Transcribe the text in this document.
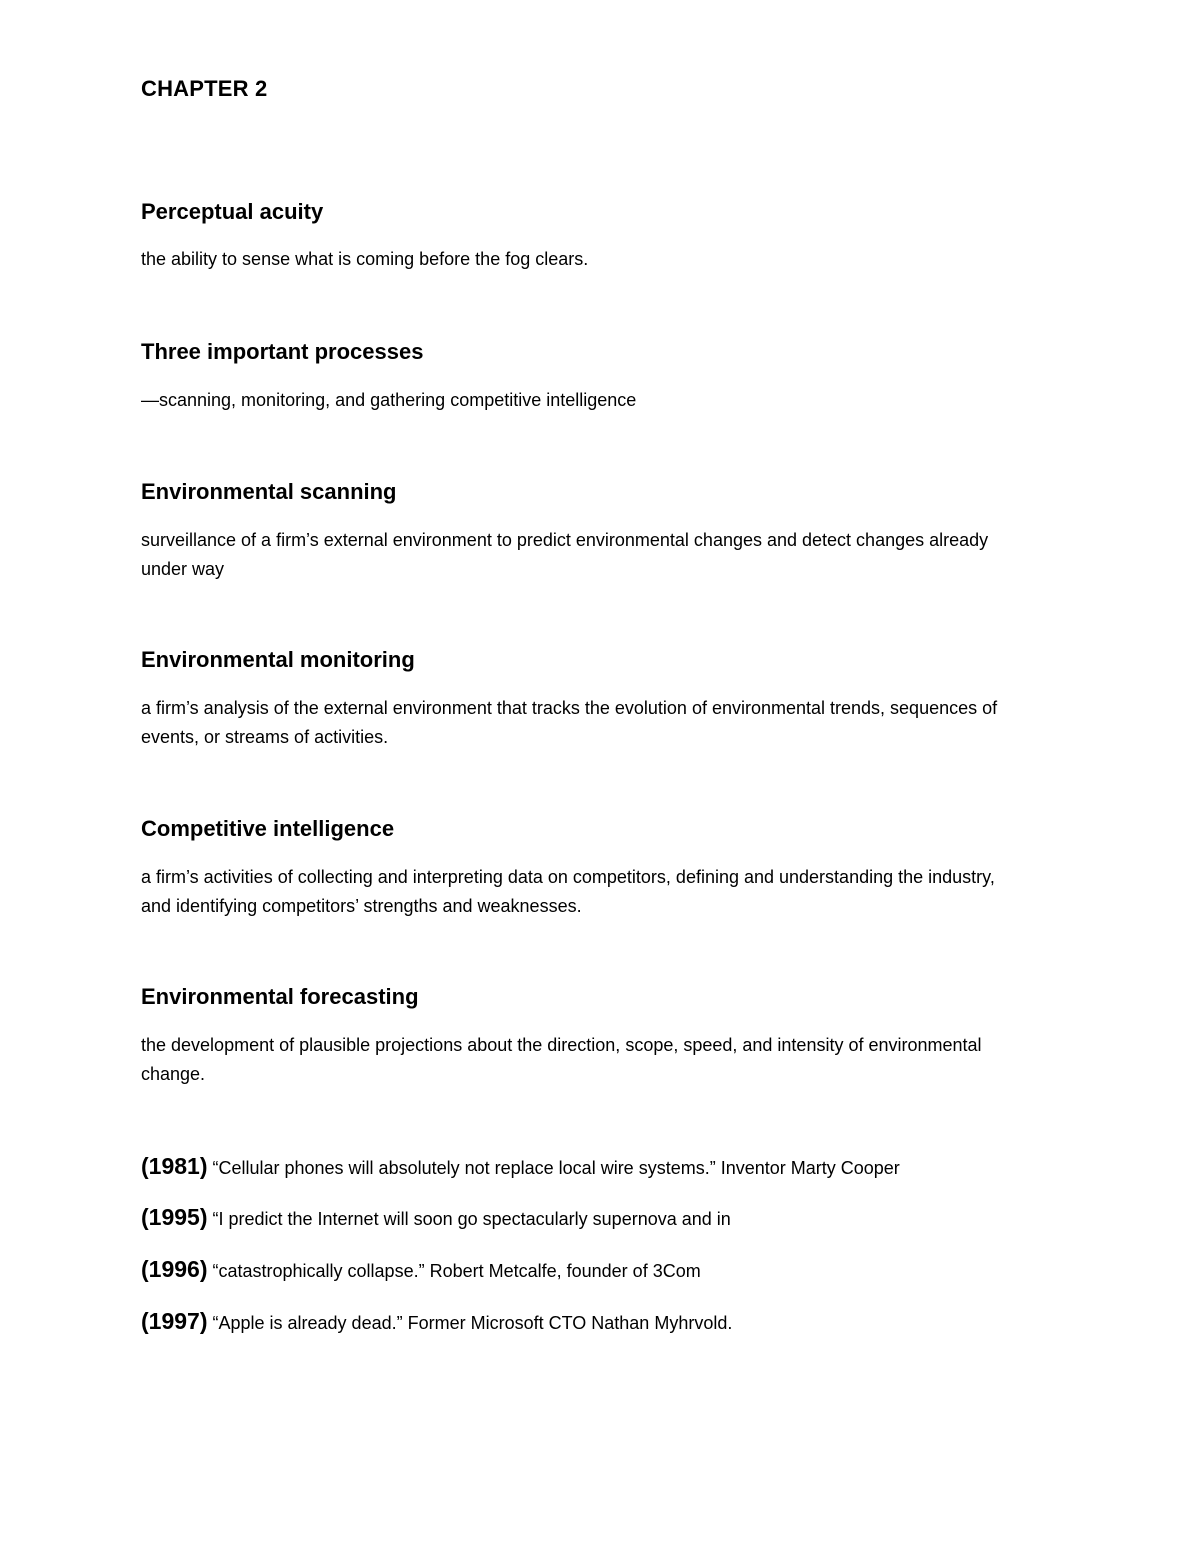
CHAPTER 2
Perceptual acuity

the ability to sense what is coming before the fog clears.

Three important processes

—scanning, monitoring, and gathering competitive intelligence

Environmental scanning

surveillance of a firm’s external environment to predict environmental changes and detect changes already under way

Environmental monitoring

a firm’s analysis of the external environment that tracks the evolution of environmental trends, sequences of events, or streams of activities.

Competitive intelligence

a firm’s activities of collecting and interpreting data on competitors, defining and understanding the industry, and identifying competitors’ strengths and weaknesses.

Environmental forecasting

the development of plausible projections about the direction, scope, speed, and intensity of environmental change.

(1981) “Cellular phones will absolutely not replace local wire systems.” Inventor Marty Cooper

(1995) “I predict the Internet will soon go spectacularly supernova and in

(1996) “catastrophically collapse.” Robert Metcalfe, founder of 3Com

(1997) “Apple is already dead.” Former Microsoft CTO Nathan Myhrvold.
